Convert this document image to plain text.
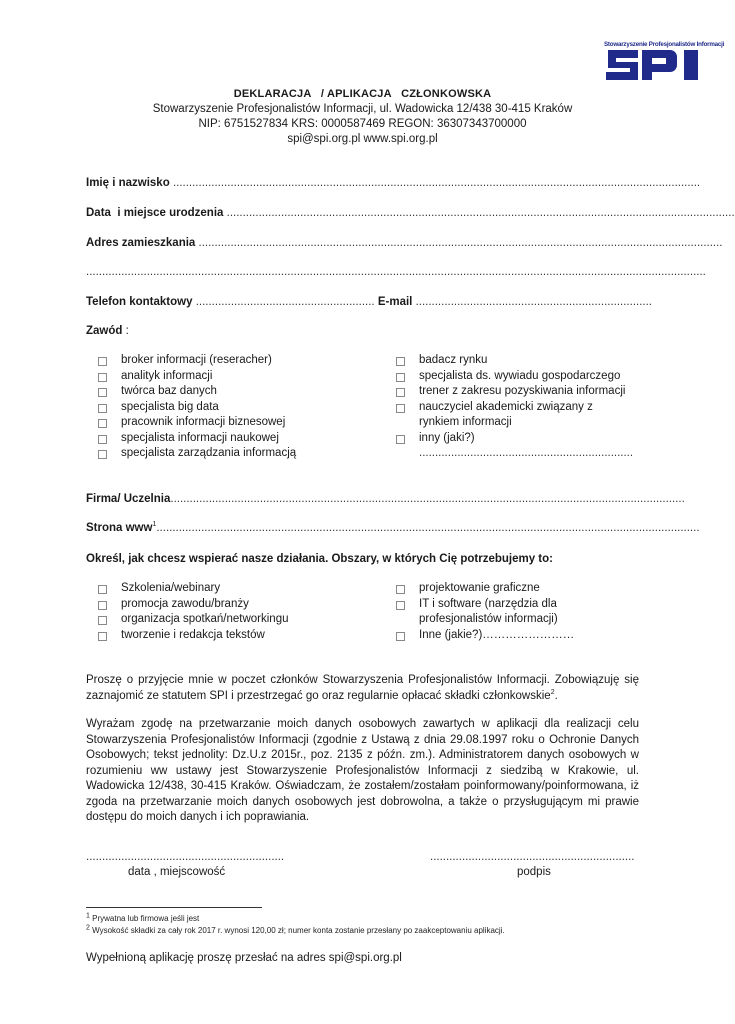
Stowarzyszenie Profesjonalistów Informacji
DEKLARACJA   / APLIKACJA   CZŁONKOWSKA
Stowarzyszenie Profesjonalistów Informacji, ul. Wadowicka 12/438 30-415 Kraków
NIP: 6751527834 KRS: 0000587469 REGON: 36307343700000
spi@spi.org.pl www.spi.org.pl
Imię i nazwisko .....................................................................................................................................................................
Data  i miejsce urodzenia ...............................................................................................................................................................
Adres zamieszkania ....................................................................................................................................................................
..................................................................................................................................................................................................
Telefon kontaktowy ........................................................ E-mail ..........................................................................
Zawód :
broker informacji (reseracher)
analityk informacji
twórca baz danych
specjalista big data
pracownik informacji biznesowej
specjalista informacji naukowej
specjalista zarządzania informacją
badacz rynku
specjalista ds. wywiadu gospodarczego
trener z zakresu pozyskiwania informacji
nauczyciel akademicki związany z rynkiem informacji
inny (jaki?)
...................................................................
Firma/ Uczelnia.................................................................................................................................................................
Strona www$^1$..........................................................................................................................................................................
Określ, jak chcesz wspierać nasze działania. Obszary, w których Cię potrzebujemy to:
Szkolenia/webinary
promocja zawodu/branży
organizacja spotkań/networkingu
tworzenie i redakcja tekstów
projektowanie graficzne
IT i software (narzędzia dla profesjonalistów informacji)
Inne (jakie?)……………………
Proszę o przyjęcie mnie w poczet członków Stowarzyszenia Profesjonalistów Informacji. Zobowiązuję się zaznajomić ze statutem SPI i przestrzegać go oraz regularnie opłacać składki członkowskie$^2$.
Wyrażam zgodę na przetwarzanie moich danych osobowych zawartych w aplikacji dla realizacji celu Stowarzyszenia Profesjonalistów Informacji (zgodnie z Ustawą z dnia 29.08.1997 roku o Ochronie Danych Osobowych; tekst jednolity: Dz.U.z 2015r., poz. 2135 z późn. zm.). Administratorem danych osobowych w rozumieniu ww ustawy jest Stowarzyszenie Profesjonalistów Informacji z siedzibą w Krakowie, ul. Wadowicka 12/438, 30-415 Kraków. Oświadczam, że zostałem/zostałam poinformowany/poinformowana, iż zgoda na przetwarzanie moich danych osobowych jest dobrowolna, a także o przysługującym mi prawie dostępu do moich danych i ich poprawiania.
..............................................................
data , miejscowość
................................................................
podpis
$^1$ Prywatna lub firmowa jeśli jest
$^2$ Wysokość składki za cały rok 2017 r. wynosi 120,00 zł; numer konta zostanie przesłany po zaakceptowaniu aplikacji.
Wypełnioną aplikację proszę przesłać na adres spi@spi.org.pl
